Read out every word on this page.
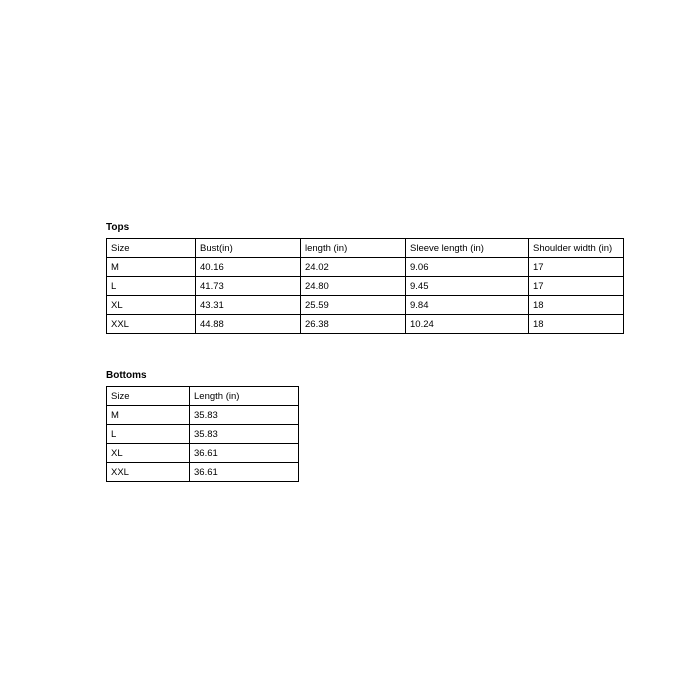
Tops
Size	Bust(in)	length (in)	Sleeve length (in)	Shoulder width (in)
M	40.16	24.02	9.06	17
L	41.73	24.80	9.45	17
XL	43.31	25.59	9.84	18
XXL	44.88	26.38	10.24	18
Bottoms
Size	Length (in)
M	35.83
L	35.83
XL	36.61
XXL	36.61
